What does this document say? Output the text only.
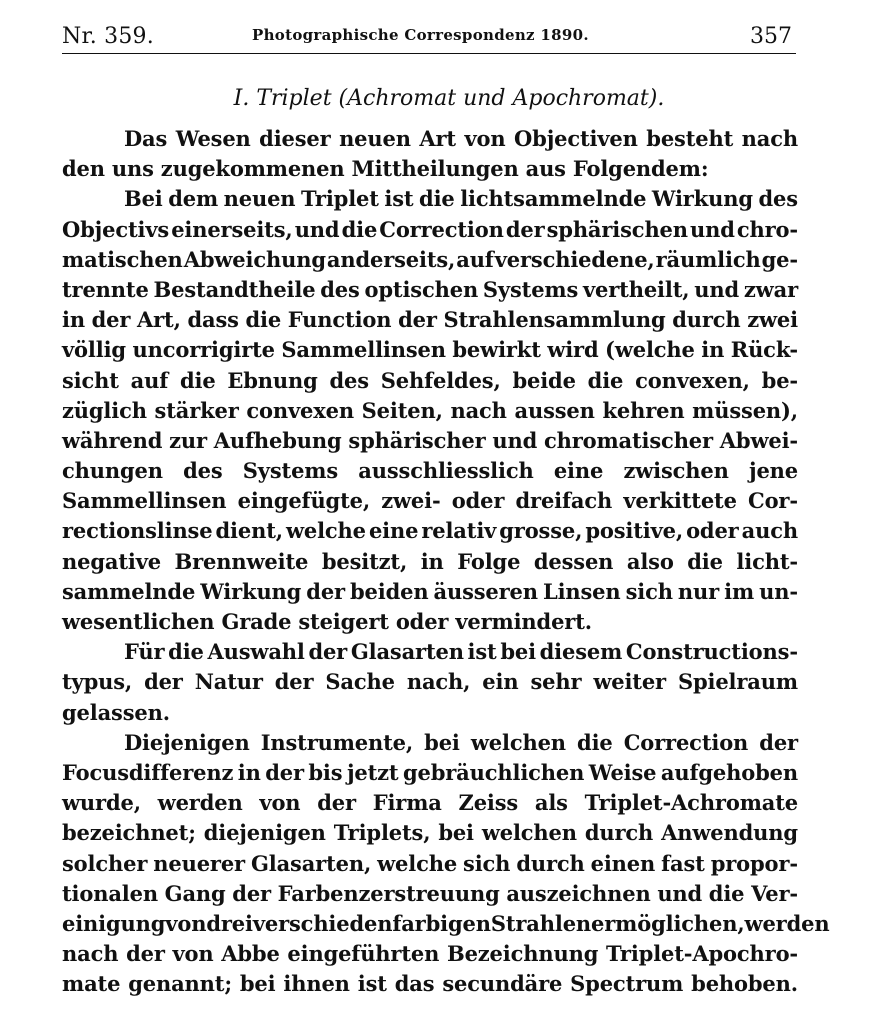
Nr. 359.	Photographische Correspondenz 1890.	357
I. Triplet (Achromat und Apochromat).
Das Wesen dieser neuen Art von Objectiven besteht nach
den uns zugekommenen Mittheilungen aus Folgendem:
Bei dem neuen Triplet ist die lichtsammelnde Wirkung des
Objectivs einerseits, und die Correction der sphärischen und chro-
matischen Abweichung anderseits, auf verschiedene, räumlich ge-
trennte Bestandtheile des optischen Systems vertheilt, und zwar
in der Art, dass die Function der Strahlensammlung durch zwei
völlig uncorrigirte Sammellinsen bewirkt wird (welche in Rück-
sicht auf die Ebnung des Sehfeldes, beide die convexen, be-
züglich stärker convexen Seiten, nach aussen kehren müssen),
während zur Aufhebung sphärischer und chromatischer Abwei-
chungen des Systems ausschliesslich eine zwischen jene
Sammellinsen eingefügte, zwei- oder dreifach verkittete Cor-
rectionslinse dient, welche eine relativ grosse, positive, oder auch
negative Brennweite besitzt, in Folge dessen also die licht-
sammelnde Wirkung der beiden äusseren Linsen sich nur im un-
wesentlichen Grade steigert oder vermindert.
Für die Auswahl der Glasarten ist bei diesem Constructions-
typus, der Natur der Sache nach, ein sehr weiter Spielraum
gelassen.
Diejenigen Instrumente, bei welchen die Correction der
Focusdifferenz in der bis jetzt gebräuchlichen Weise aufgehoben
wurde, werden von der Firma Zeiss als Triplet-Achromate
bezeichnet; diejenigen Triplets, bei welchen durch Anwendung
solcher neuerer Glasarten, welche sich durch einen fast propor-
tionalen Gang der Farbenzerstreuung auszeichnen und die Ver-
einigung von drei verschiedenfarbigen Strahlen ermöglichen, werden
nach der von Abbe eingeführten Bezeichnung Triplet-Apochro-
mate genannt; bei ihnen ist das secundäre Spectrum behoben.
